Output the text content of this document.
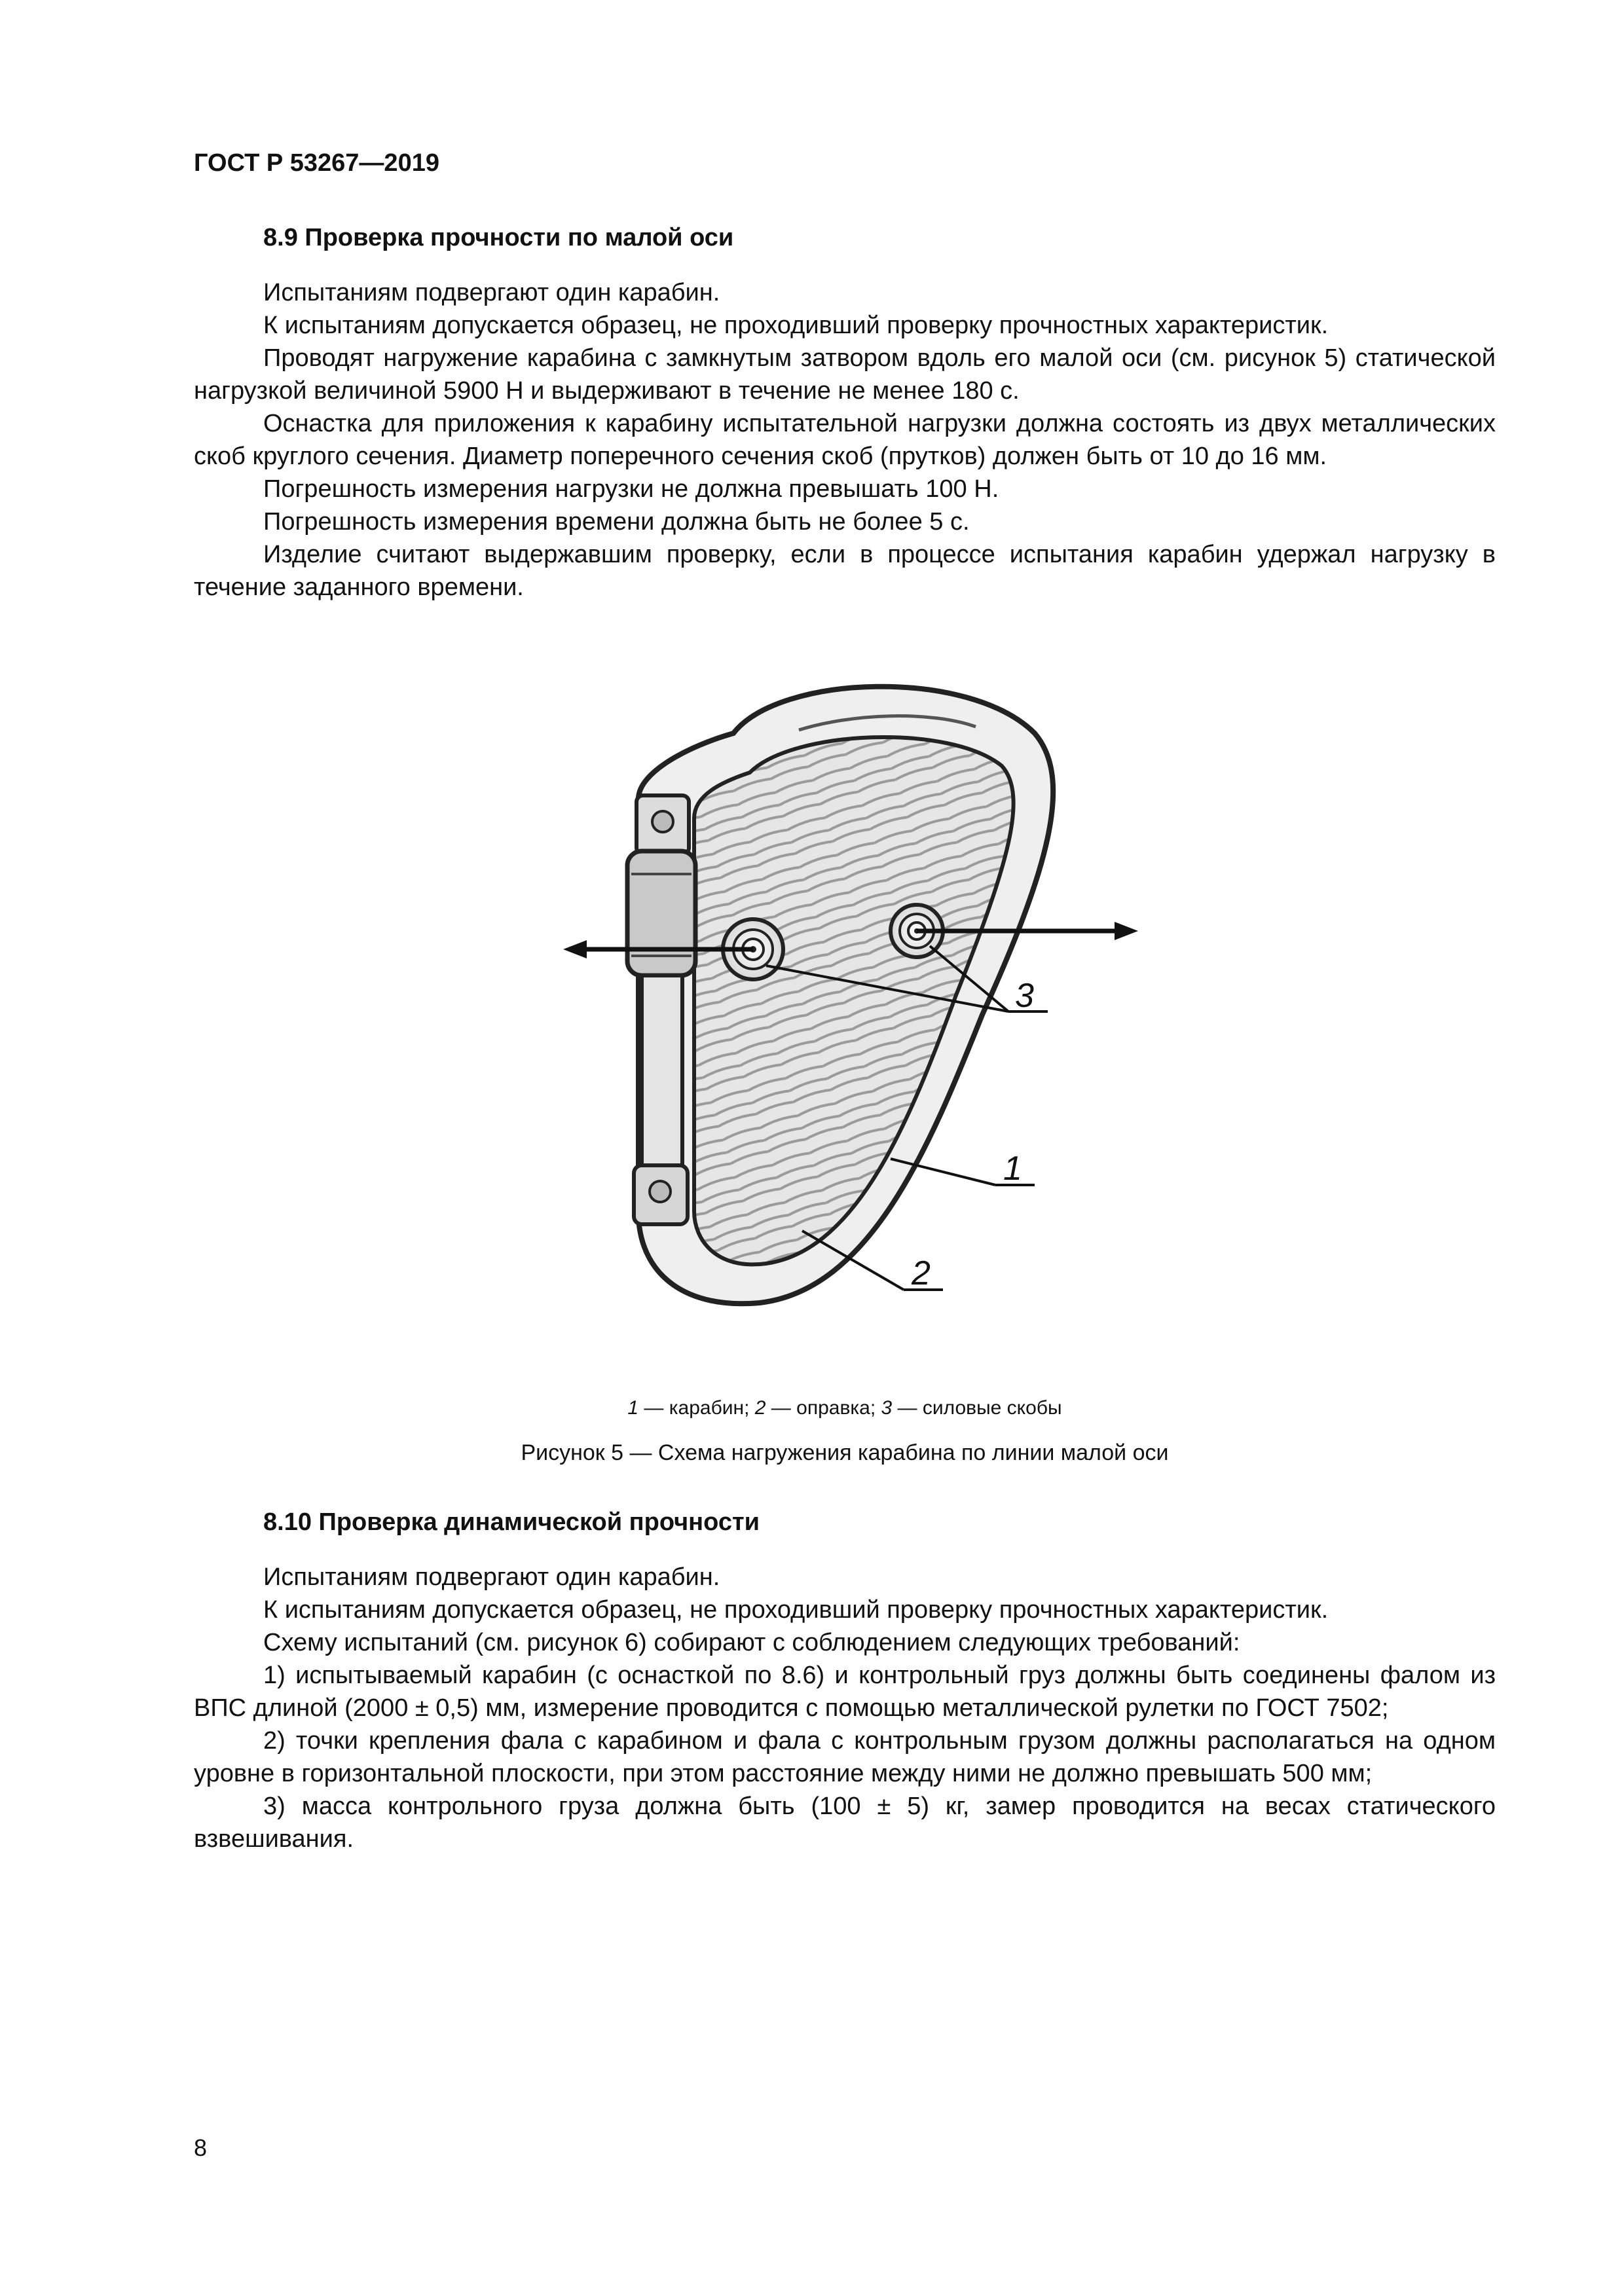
ГОСТ Р 53267—2019

8.9 Проверка прочности по малой оси

Испытаниям подвергают один карабин.

К испытаниям допускается образец, не проходивший проверку прочностных характеристик.

Проводят нагружение карабина с замкнутым затвором вдоль его малой оси (см. рисунок 5) статической нагрузкой величиной 5900 Н и выдерживают в течение не менее 180 с.

Оснастка для приложения к карабину испытательной нагрузки должна состоять из двух металлических скоб круглого сечения. Диаметр поперечного сечения скоб (прутков) должен быть от 10 до 16 мм.

Погрешность измерения нагрузки не должна превышать 100 Н.

Погрешность измерения времени должна быть не более 5 с.

Изделие считают выдержавшим проверку, если в процессе испытания карабин удержал нагрузку в течение заданного времени.

3
1
2
1 — карабин; 2 — оправка; 3 — силовые скобы
Рисунок 5 — Схема нагружения карабина по линии малой оси

8.10 Проверка динамической прочности

Испытаниям подвергают один карабин.

К испытаниям допускается образец, не проходивший проверку прочностных характеристик.

Схему испытаний (см. рисунок 6) собирают с соблюдением следующих требований:

1) испытываемый карабин (с оснасткой по 8.6) и контрольный груз должны быть соединены фалом из ВПС длиной (2000 ± 0,5) мм, измерение проводится с помощью металлической рулетки по ГОСТ 7502;

2) точки крепления фала с карабином и фала с контрольным грузом должны располагаться на одном уровне в горизонтальной плоскости, при этом расстояние между ними не должно превышать 500 мм;

3) масса контрольного груза должна быть (100 ± 5) кг, замер проводится на весах статического взвешивания.

8
